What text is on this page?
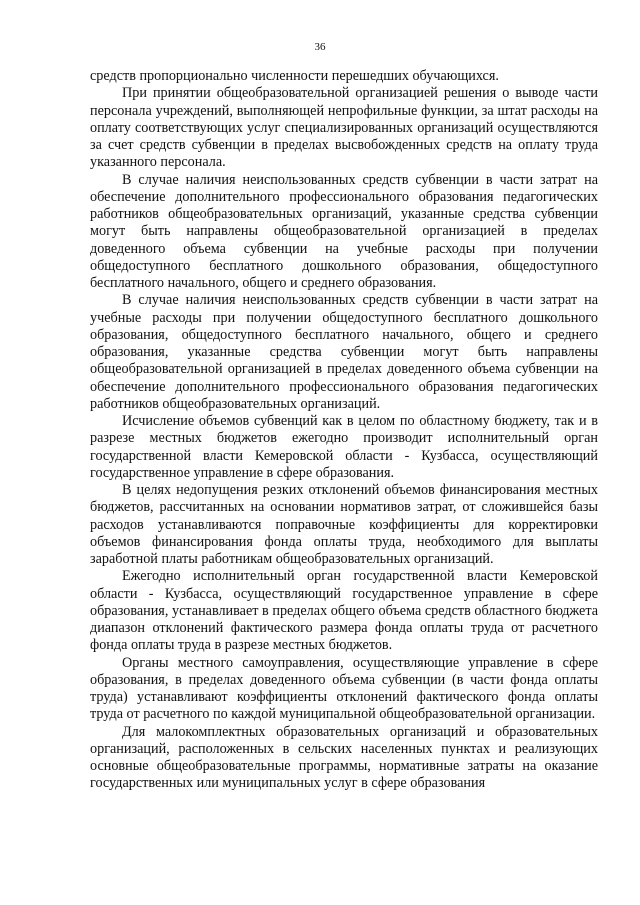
36

средств пропорционально численности перешедших обучающихся.

При принятии общеобразовательной организацией решения о выводе части персонала учреждений, выполняющей непрофильные функции, за штат расходы на оплату соответствующих услуг специализированных организаций осуществляются за счет средств субвенции в пределах высвобожденных средств на оплату труда указанного персонала.

В случае наличия неиспользованных средств субвенции в части затрат на обеспечение дополнительного профессионального образования педагогических работников общеобразовательных организаций, указанные средства субвенции могут быть направлены общеобразовательной организацией в пределах доведенного объема субвенции на учебные расходы при получении общедоступного бесплатного дошкольного образования, общедоступного бесплатного начального, общего и среднего образования.

В случае наличия неиспользованных средств субвенции в части затрат на учебные расходы при получении общедоступного бесплатного дошкольного образования, общедоступного бесплатного начального, общего и среднего образования, указанные средства субвенции могут быть направлены общеобразовательной организацией в пределах доведенного объема субвенции на обеспечение дополнительного профессионального образования педагогических работников общеобразовательных организаций.

Исчисление объемов субвенций как в целом по областному бюджету, так и в разрезе местных бюджетов ежегодно производит исполнительный орган государственной власти Кемеровской области - Кузбасса, осуществляющий государственное управление в сфере образования.

В целях недопущения резких отклонений объемов финансирования местных бюджетов, рассчитанных на основании нормативов затрат, от сложившейся базы расходов устанавливаются поправочные коэффициенты для корректировки объемов финансирования фонда оплаты труда, необходимого для выплаты заработной платы работникам общеобразовательных организаций.

Ежегодно исполнительный орган государственной власти Кемеровской области - Кузбасса, осуществляющий государственное управление в сфере образования, устанавливает в пределах общего объема средств областного бюджета диапазон отклонений фактического размера фонда оплаты труда от расчетного фонда оплаты труда в разрезе местных бюджетов.

Органы местного самоуправления, осуществляющие управление в сфере образования, в пределах доведенного объема субвенции (в части фонда оплаты труда) устанавливают коэффициенты отклонений фактического фонда оплаты труда от расчетного по каждой муниципальной общеобразовательной организации.

Для малокомплектных образовательных организаций и образовательных организаций, расположенных в сельских населенных пунктах и реализующих основные общеобразовательные программы, нормативные затраты на оказание государственных или муниципальных услуг в сфере образования
